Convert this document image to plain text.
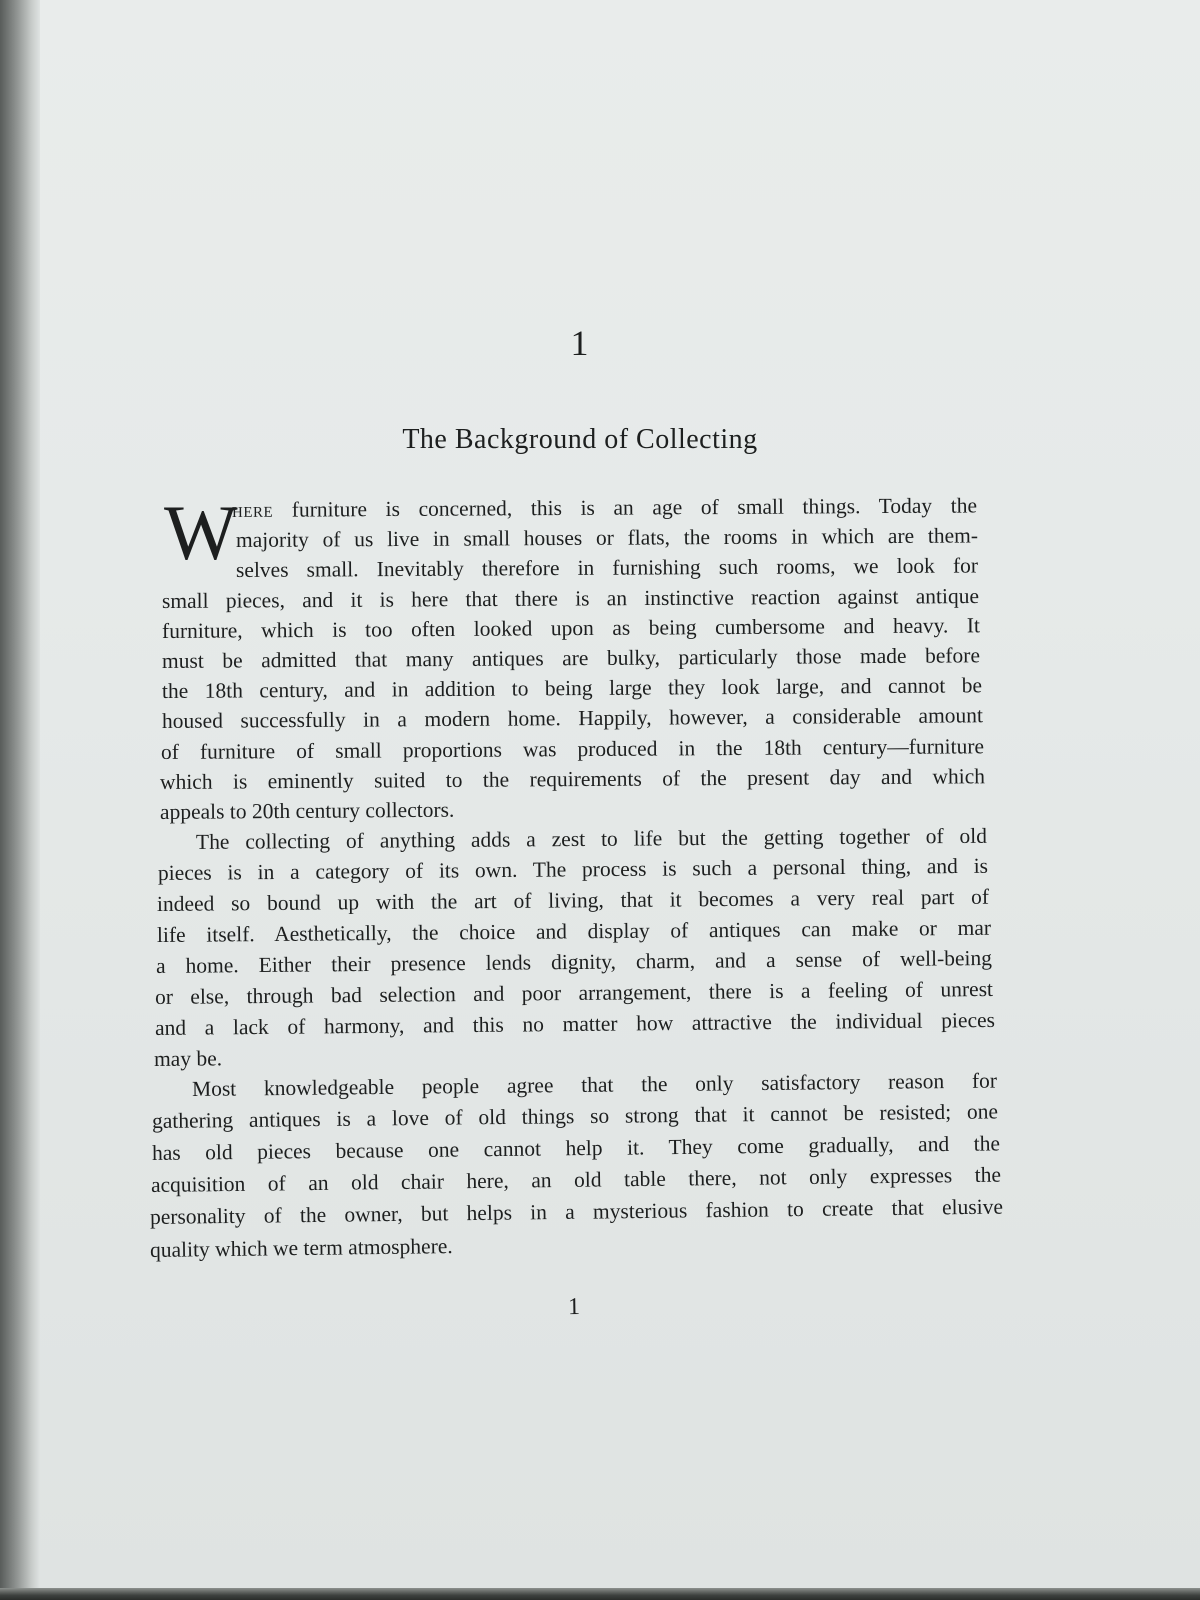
1
The Background of Collecting
W
HERE furniture is concerned, this is an age of small things. Today the
majority of us live in small houses or flats, the rooms in which are them-
selves small. Inevitably therefore in furnishing such rooms, we look for
small pieces, and it is here that there is an instinctive reaction against antique
furniture, which is too often looked upon as being cumbersome and heavy. It
must be admitted that many antiques are bulky, particularly those made before
the 18th century, and in addition to being large they look large, and cannot be
housed successfully in a modern home. Happily, however, a considerable amount
of furniture of small proportions was produced in the 18th century—furniture
which is eminently suited to the requirements of the present day and which
appeals to 20th century collectors.
The collecting of anything adds a zest to life but the getting together of old
pieces is in a category of its own. The process is such a personal thing, and is
indeed so bound up with the art of living, that it becomes a very real part of
life itself. Aesthetically, the choice and display of antiques can make or mar
a home. Either their presence lends dignity, charm, and a sense of well-being
or else, through bad selection and poor arrangement, there is a feeling of unrest
and a lack of harmony, and this no matter how attractive the individual pieces
may be.
Most knowledgeable people agree that the only satisfactory reason for
gathering antiques is a love of old things so strong that it cannot be resisted; one
has old pieces because one cannot help it. They come gradually, and the
acquisition of an old chair here, an old table there, not only expresses the
personality of the owner, but helps in a mysterious fashion to create that elusive
quality which we term atmosphere.
1
